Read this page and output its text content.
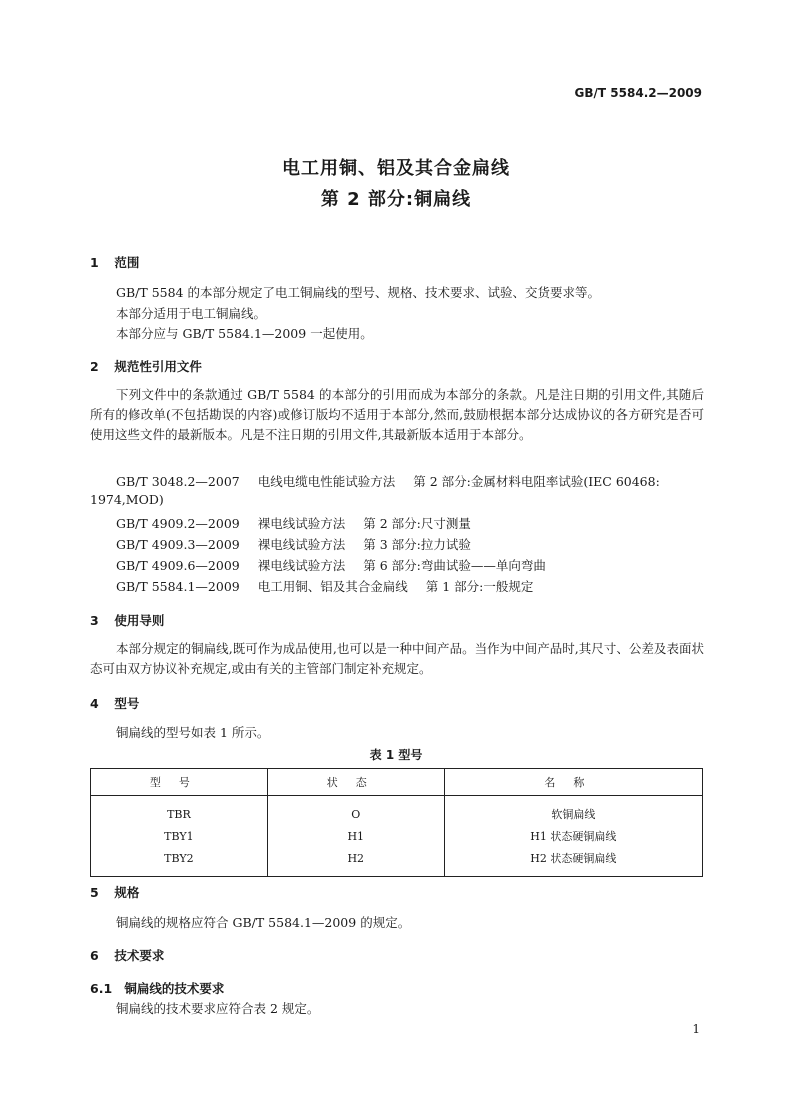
GB/T 5584.2—2009
电工用铜、铝及其合金扁线
第 2 部分:铜扁线
1 范围
GB/T 5584 的本部分规定了电工铜扁线的型号、规格、技术要求、试验、交货要求等。
本部分适用于电工铜扁线。
本部分应与 GB/T 5584.1—2009 一起使用。
2 规范性引用文件
下列文件中的条款通过 GB/T 5584 的本部分的引用而成为本部分的条款。凡是注日期的引用文件,其随后所有的修改单(不包括勘误的内容)或修订版均不适用于本部分,然而,鼓励根据本部分达成协议的各方研究是否可使用这些文件的最新版本。凡是不注日期的引用文件,其最新版本适用于本部分。
GB/T 3048.2—2007 电线电缆电性能试验方法 第 2 部分:金属材料电阻率试验(IEC 60468:
1974,MOD)
GB/T 4909.2—2009 裸电线试验方法 第 2 部分:尺寸测量
GB/T 4909.3—2009 裸电线试验方法 第 3 部分:拉力试验
GB/T 4909.6—2009 裸电线试验方法 第 6 部分:弯曲试验——单向弯曲
GB/T 5584.1—2009 电工用铜、铝及其合金扁线 第 1 部分:一般规定
3 使用导则
本部分规定的铜扁线,既可作为成品使用,也可以是一种中间产品。当作为中间产品时,其尺寸、公差及表面状态可由双方协议补充规定,或由有关的主管部门制定补充规定。
4 型号
铜扁线的型号如表 1 所示。
表 1 型号
型号	状态	名称
TBR	O	软铜扁线
TBY1	H1	H1 状态硬铜扁线
TBY2	H2	H2 状态硬铜扁线
5 规格
铜扁线的规格应符合 GB/T 5584.1—2009 的规定。
6 技术要求
6.1 铜扁线的技术要求
铜扁线的技术要求应符合表 2 规定。
1
